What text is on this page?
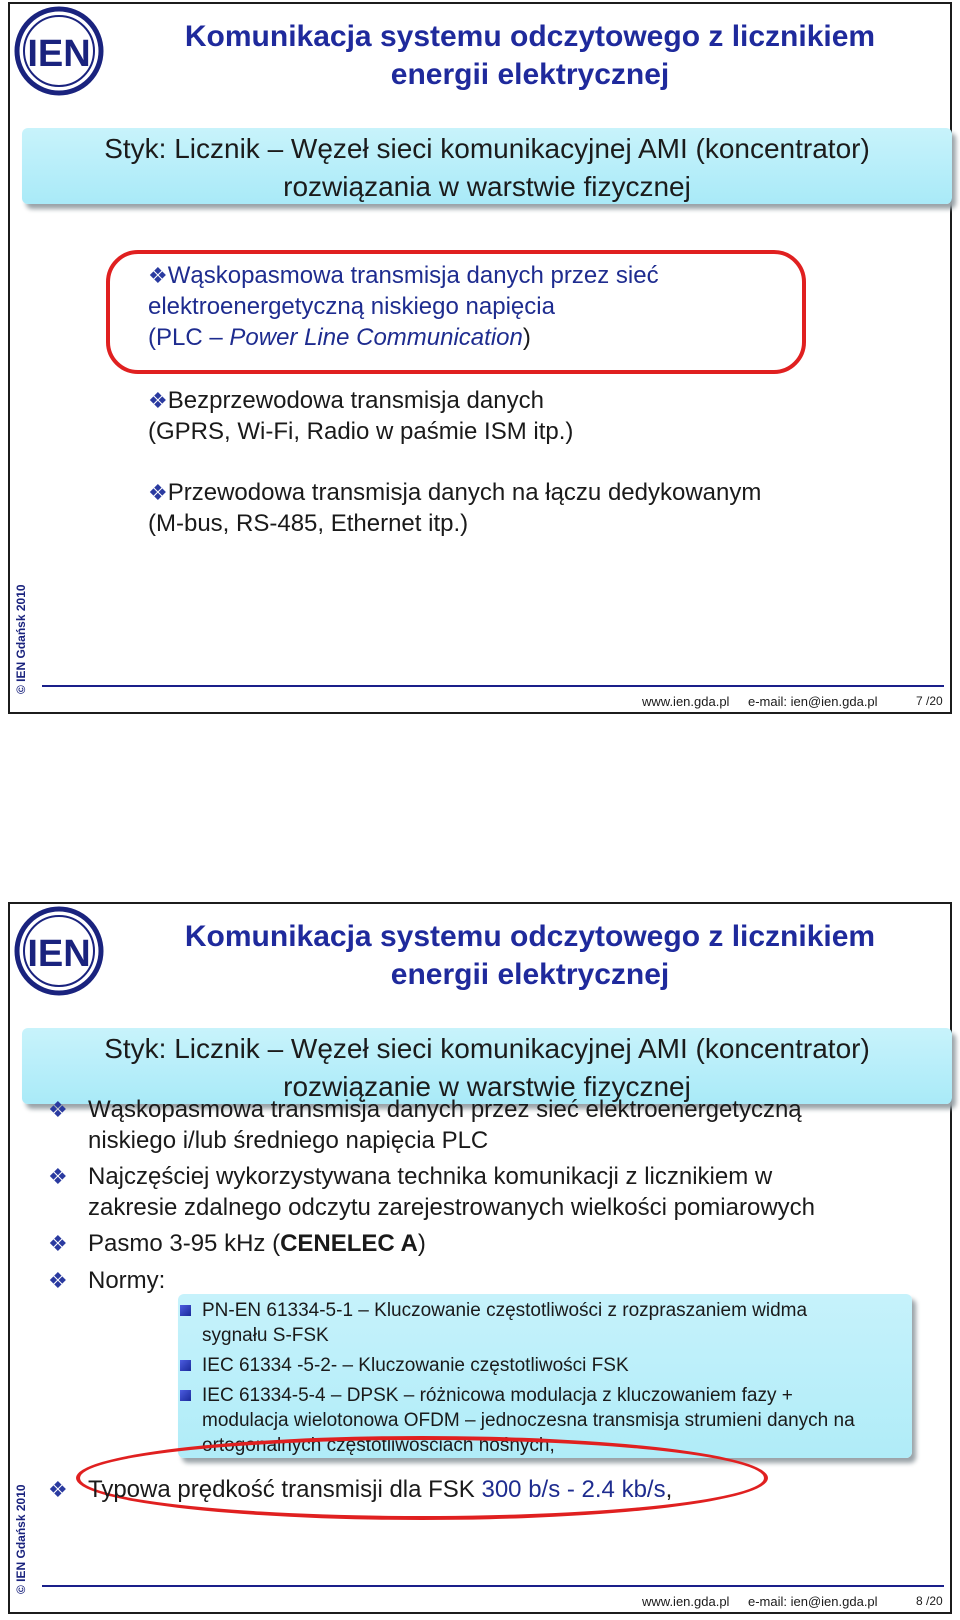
IEN	Komunikacja systemu odczytowego z licznikiem
energii elektrycznej
Styk: Licznik – Węzeł sieci komunikacyjnej AMI (koncentrator)
rozwiązania w warstwie fizycznej
❖Wąskopasmowa transmisja danych przez sieć
elektroenergetyczną niskiego napięcia
(PLC – Power Line Communication)
❖Bezprzewodowa transmisja danych
(GPRS, Wi-Fi, Radio w paśmie ISM itp.)
❖Przewodowa transmisja danych na łączu dedykowanym
(M-bus, RS-485, Ethernet itp.)
© IEN Gdańsk 2010
www.ien.gda.pl e-mail: ien@ien.gda.pl	7 /20
IEN	Komunikacja systemu odczytowego z licznikiem
energii elektrycznej
Styk: Licznik – Węzeł sieci komunikacyjnej AMI (koncentrator)
rozwiązanie w warstwie fizycznej
❖ Wąskopasmowa transmisja danych przez sieć elektroenergetyczną
niskiego i/lub średniego napięcia PLC
❖ Najczęściej wykorzystywana technika komunikacji z licznikiem w
zakresie zdalnego odczytu zarejestrowanych wielkości pomiarowych
❖ Pasmo 3-95 kHz (CENELEC A)
❖ Normy:
PN-EN 61334-5-1 – Kluczowanie częstotliwości z rozpraszaniem widma
sygnału S-FSK
IEC 61334 -5-2- – Kluczowanie częstotliwości FSK
IEC 61334-5-4 – DPSK – różnicowa modulacja z kluczowaniem fazy +
modulacja wielotonowa OFDM – jednoczesna transmisja strumieni danych na
ortogonalnych częstotliwościach nośnych,
❖ Typowa prędkość transmisji dla FSK 300 b/s - 2.4 kb/s,
© IEN Gdańsk 2010
www.ien.gda.pl e-mail: ien@ien.gda.pl	8 /20
